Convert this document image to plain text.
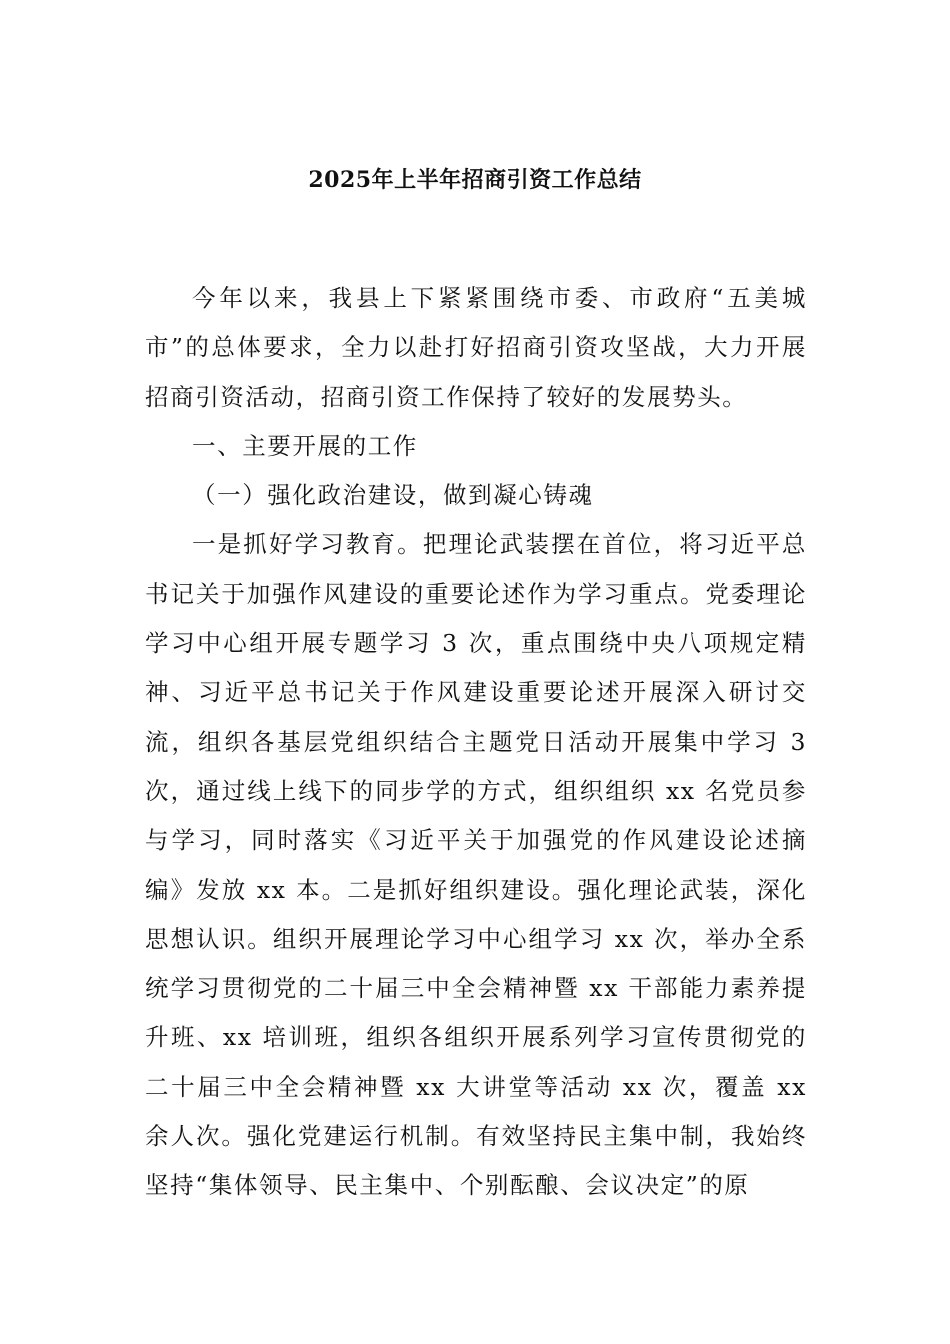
2025年上半年招商引资工作总结

今年以来，我县上下紧紧围绕市委、市政府“五美城市”的总体要求，全力以赴打好招商引资攻坚战，大力开展招商引资活动，招商引资工作保持了较好的发展势头。

一、主要开展的工作

（一）强化政治建设，做到凝心铸魂

一是抓好学习教育。把理论武装摆在首位，将习近平总书记关于加强作风建设的重要论述作为学习重点。党委理论学习中心组开展专题学习 3 次，重点围绕中央八项规定精神、习近平总书记关于作风建设重要论述开展深入研讨交流，组织各基层党组织结合主题党日活动开展集中学习 3 次，通过线上线下的同步学的方式，组织组织 xx 名党员参与学习，同时落实《习近平关于加强党的作风建设论述摘编》发放 xx 本。二是抓好组织建设。强化理论武装，深化思想认识。组织开展理论学习中心组学习 xx 次，举办全系统学习贯彻党的二十届三中全会精神暨 xx 干部能力素养提升班、xx 培训班，组织各组织开展系列学习宣传贯彻党的二十届三中全会精神暨 xx 大讲堂等活动 xx 次，覆盖 xx 余人次。强化党建运行机制。有效坚持民主集中制，我始终坚持“集体领导、民主集中、个别酝酿、会议决定”的原
